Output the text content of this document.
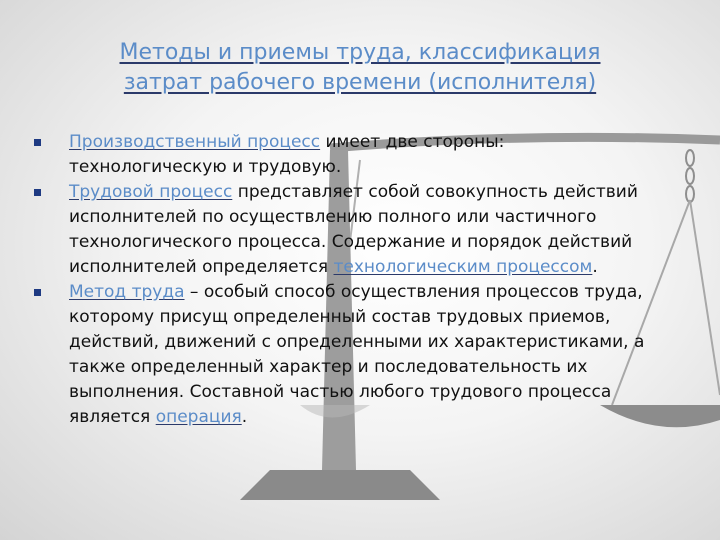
Методы и приемы труда, классификация
затрат рабочего времени (исполнителя)
Производственный процесс имеет две стороны: технологическую и трудовую.
Трудовой процесс представляет собой совокупность действий исполнителей по осуществлению полного или частичного технологического процесса. Содержание и порядок действий исполнителей определяется технологическим процессом.
Метод труда – особый способ осуществления процессов труда, которому присущ определенный состав трудовых приемов, действий, движений с определенными их характеристиками, а также определенный характер и последовательность их выполнения. Составной частью любого трудового процесса является операция.
